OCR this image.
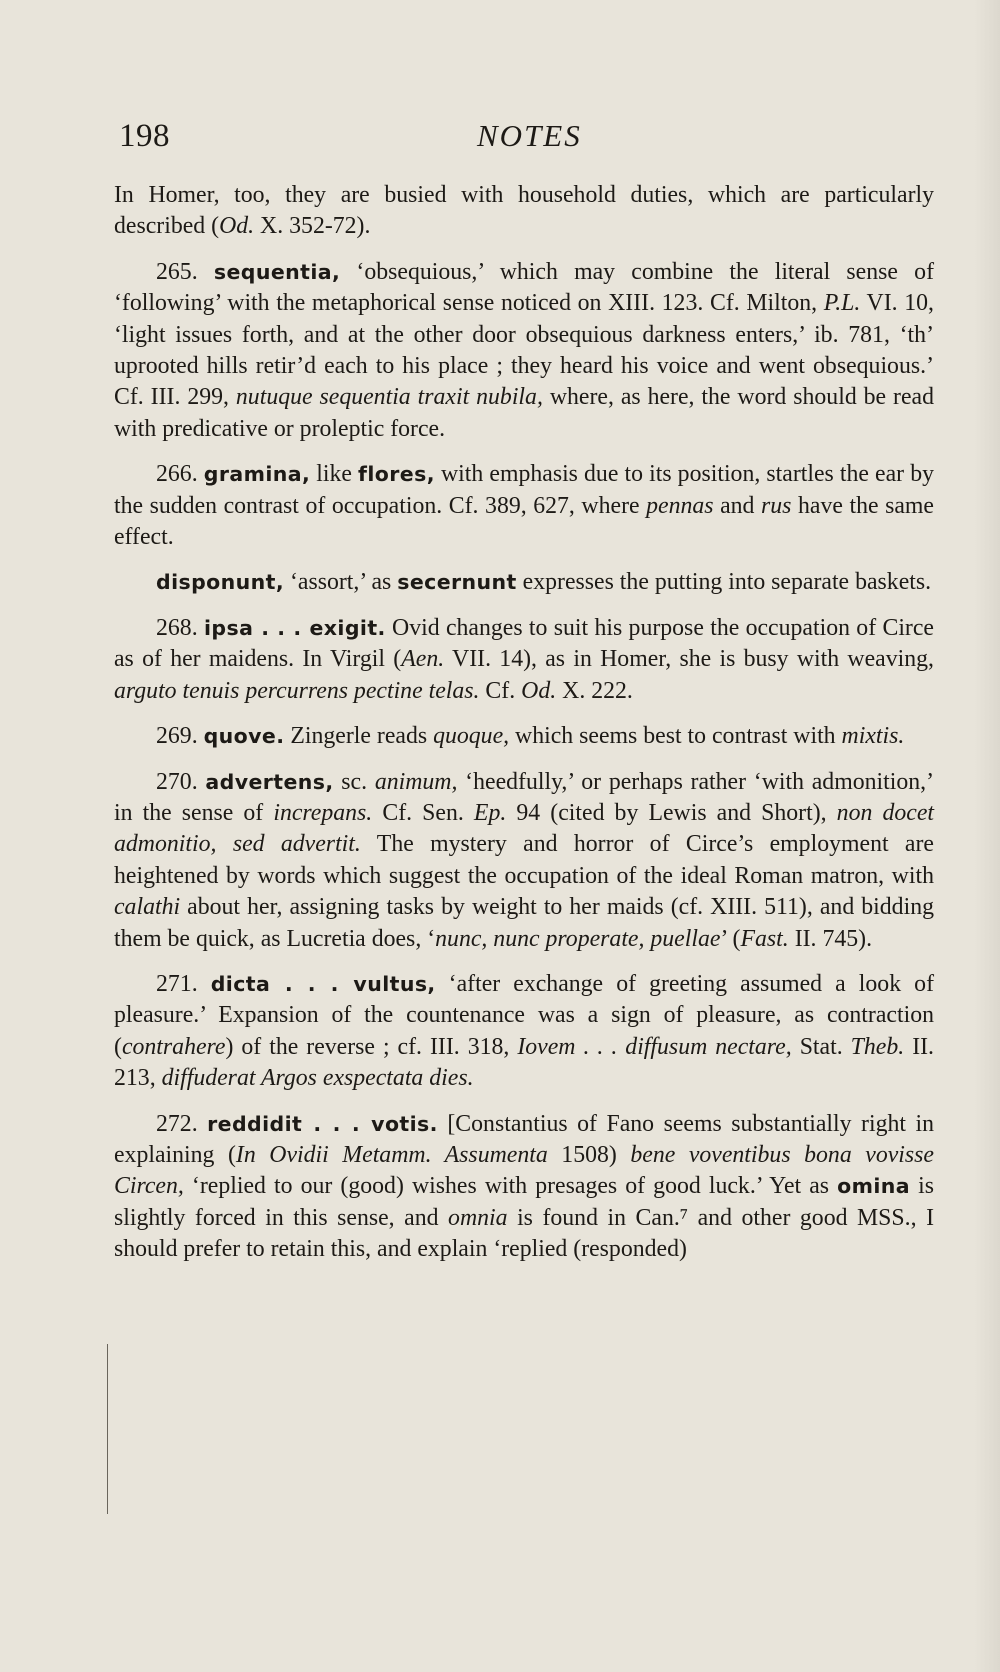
198	NOTES

In Homer, too, they are busied with household duties, which are particularly described (Od. X. 352-72).

265. sequentia, ‘obsequious,’ which may combine the literal sense of ‘following’ with the metaphorical sense noticed on XIII. 123. Cf. Milton, P.L. VI. 10, ‘light issues forth, and at the other door obsequious darkness enters,’ ib. 781, ‘th’ uprooted hills retir’d each to his place ; they heard his voice and went obsequious.’ Cf. III. 299, nutuque sequentia traxit nubila, where, as here, the word should be read with predicative or proleptic force.

266. gramina, like flores, with emphasis due to its position, startles the ear by the sudden contrast of occupation. Cf. 389, 627, where pennas and rus have the same effect.

disponunt, ‘assort,’ as secernunt expresses the putting into separate baskets.

268. ipsa . . . exigit. Ovid changes to suit his purpose the occupation of Circe as of her maidens. In Virgil (Aen. VII. 14), as in Homer, she is busy with weaving, arguto tenuis percurrens pectine telas. Cf. Od. X. 222.

269. quove. Zingerle reads quoque, which seems best to contrast with mixtis.

270. advertens, sc. animum, ‘heedfully,’ or perhaps rather ‘with admonition,’ in the sense of increpans. Cf. Sen. Ep. 94 (cited by Lewis and Short), non docet admonitio, sed advertit. The mystery and horror of Circe’s employment are heightened by words which suggest the occupation of the ideal Roman matron, with calathi about her, assigning tasks by weight to her maids (cf. XIII. 511), and bidding them be quick, as Lucretia does, ‘nunc, nunc properate, puellae’ (Fast. II. 745).

271. dicta . . . vultus, ‘after exchange of greeting assumed a look of pleasure.’ Expansion of the countenance was a sign of pleasure, as contraction (contrahere) of the reverse ; cf. III. 318, Iovem . . . diffusum nectare, Stat. Theb. II. 213, diffuderat Argos exspectata dies.

272. reddidit . . . votis. [Constantius of Fano seems substantially right in explaining (In Ovidii Metamm. Assumenta 1508) bene voventibus bona vovisse Circen, ‘replied to our (good) wishes with presages of good luck.’ Yet as omina is slightly forced in this sense, and omnia is found in Can.⁷ and other good MSS., I should prefer to retain this, and explain ‘replied (responded)
